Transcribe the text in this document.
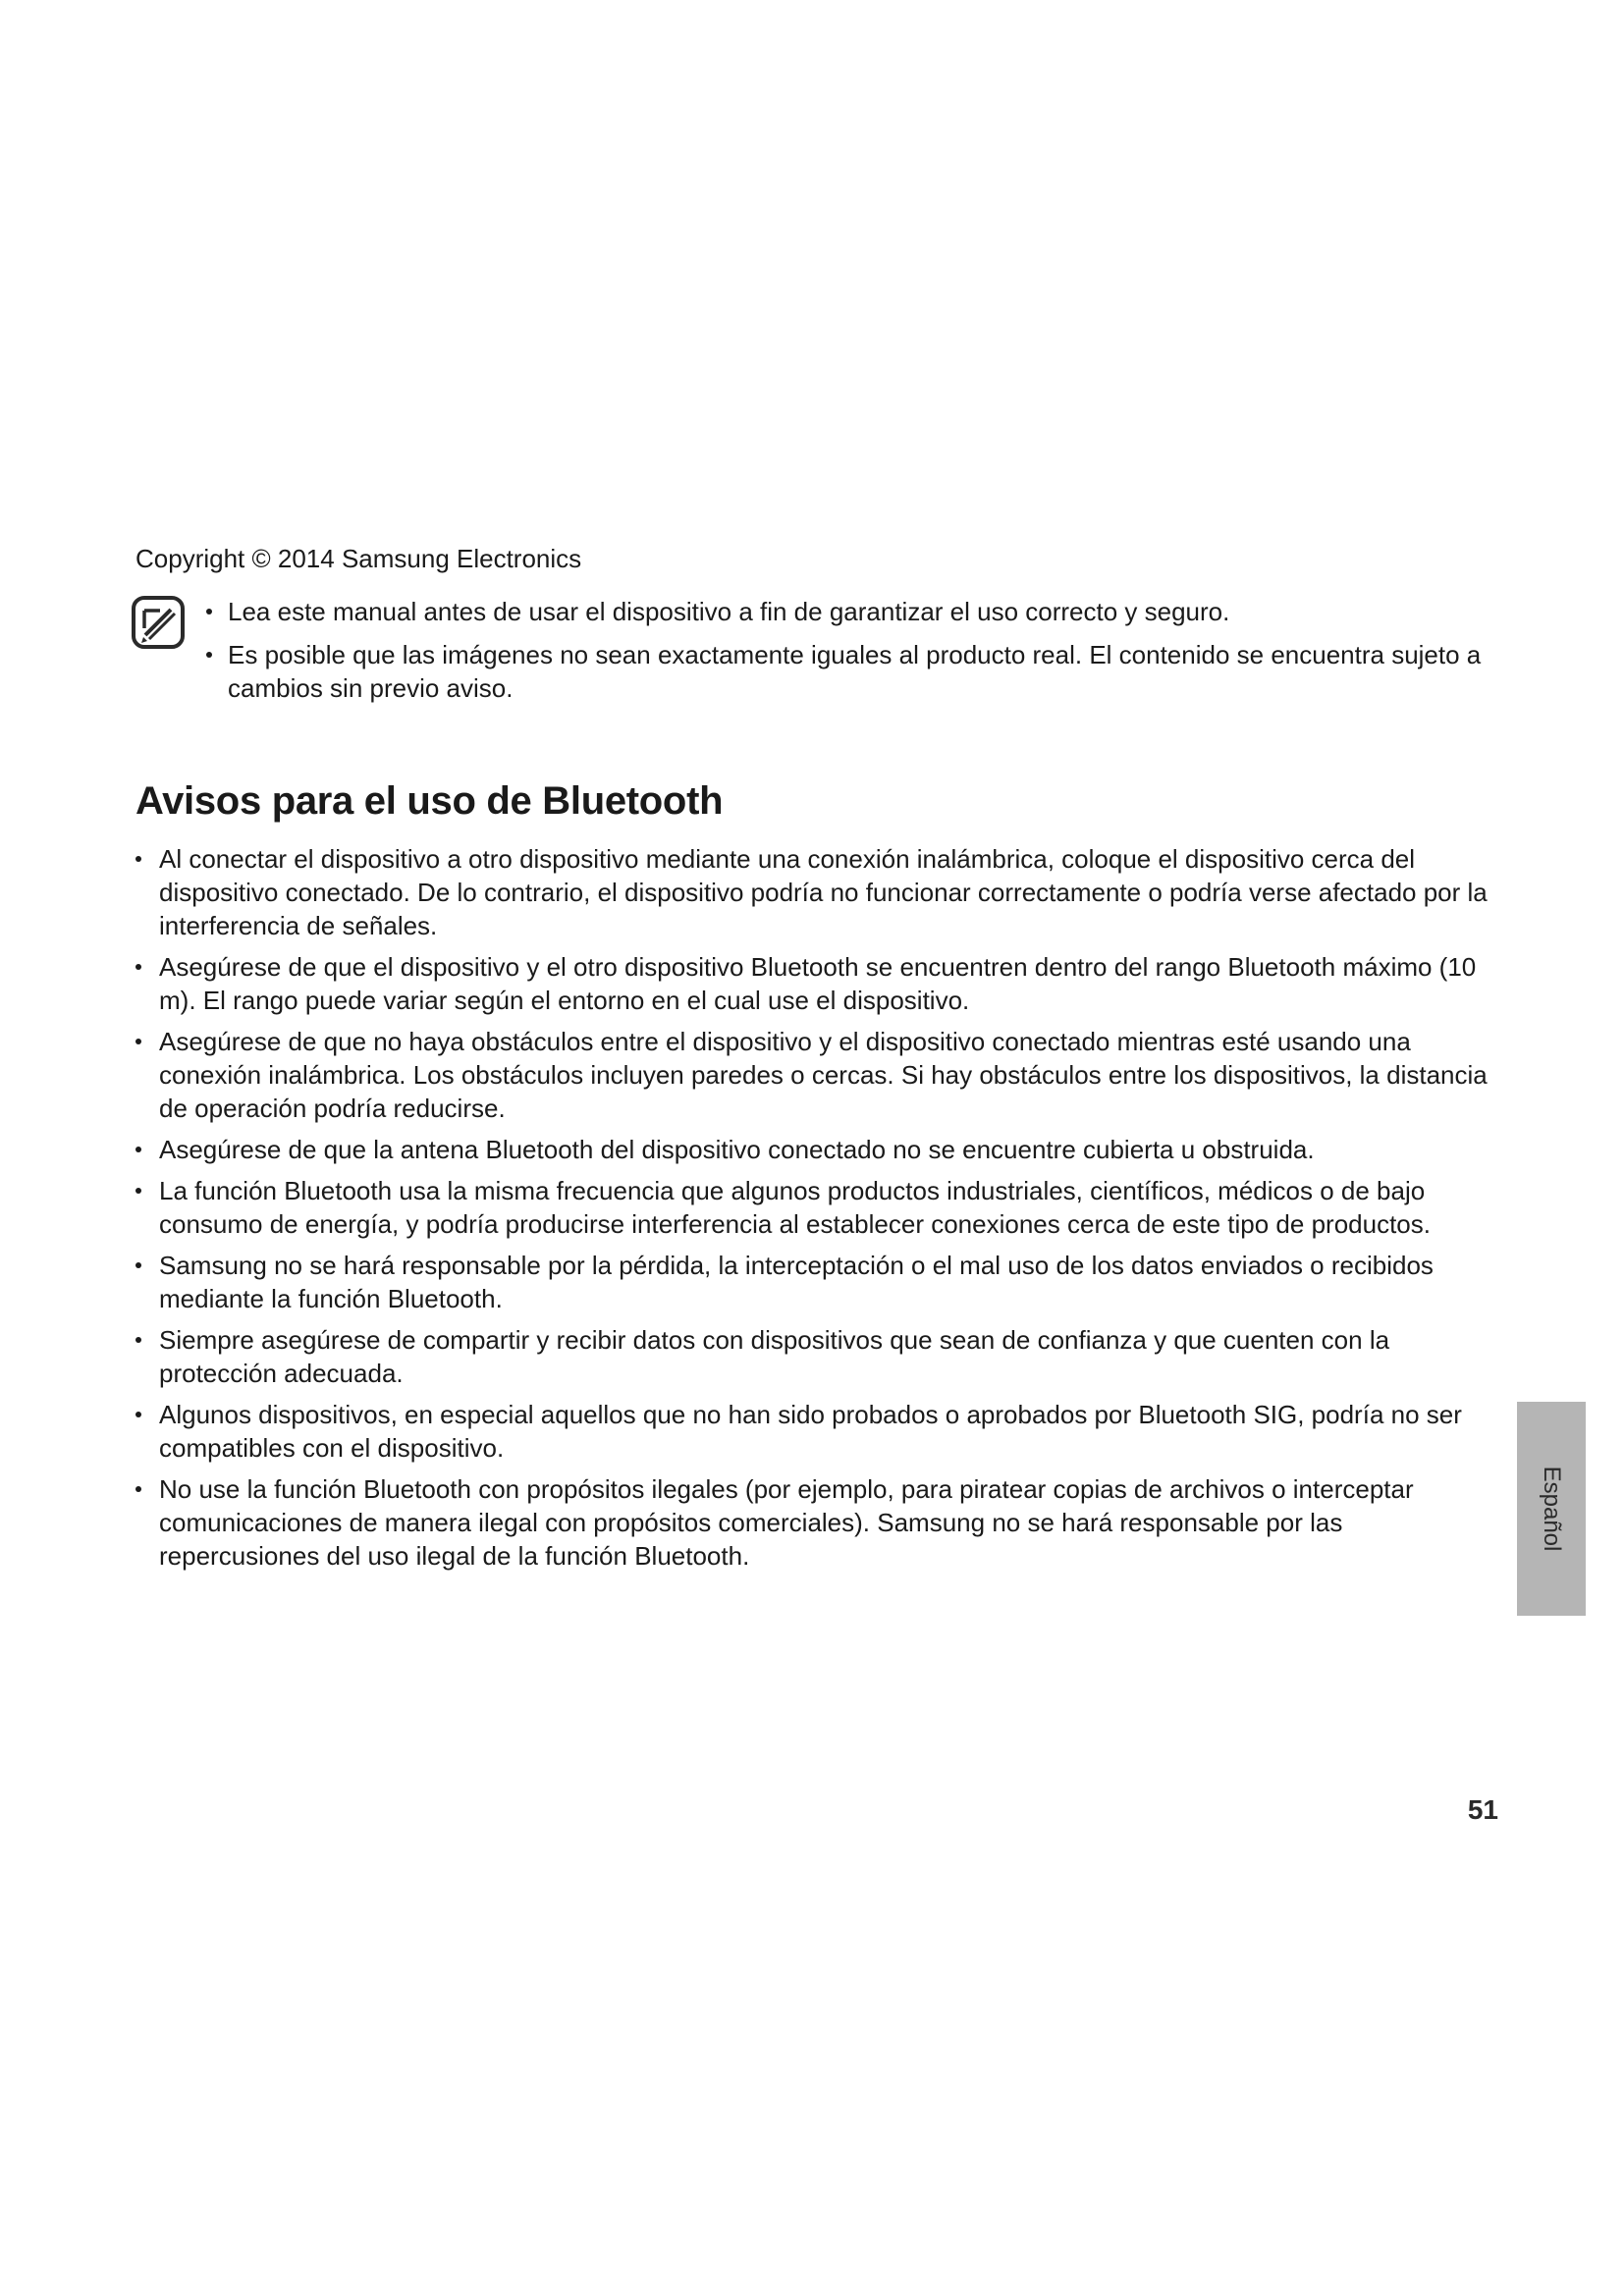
Copyright © 2014 Samsung Electronics
Lea este manual antes de usar el dispositivo a fin de garantizar el uso correcto y seguro.
Es posible que las imágenes no sean exactamente iguales al producto real. El contenido se encuentra sujeto a cambios sin previo aviso.
Avisos para el uso de Bluetooth
Al conectar el dispositivo a otro dispositivo mediante una conexión inalámbrica, coloque el dispositivo cerca del dispositivo conectado. De lo contrario, el dispositivo podría no funcionar correctamente o podría verse afectado por la interferencia de señales.
Asegúrese de que el dispositivo y el otro dispositivo Bluetooth se encuentren dentro del rango Bluetooth máximo (10 m). El rango puede variar según el entorno en el cual use el dispositivo.
Asegúrese de que no haya obstáculos entre el dispositivo y el dispositivo conectado mientras esté usando una conexión inalámbrica. Los obstáculos incluyen paredes o cercas. Si hay obstáculos entre los dispositivos, la distancia de operación podría reducirse.
Asegúrese de que la antena Bluetooth del dispositivo conectado no se encuentre cubierta u obstruida.
La función Bluetooth usa la misma frecuencia que algunos productos industriales, científicos, médicos o de bajo consumo de energía, y podría producirse interferencia al establecer conexiones cerca de este tipo de productos.
Samsung no se hará responsable por la pérdida, la interceptación o el mal uso de los datos enviados o recibidos mediante la función Bluetooth.
Siempre asegúrese de compartir y recibir datos con dispositivos que sean de confianza y que cuenten con la protección adecuada.
Algunos dispositivos, en especial aquellos que no han sido probados o aprobados por Bluetooth SIG, podría no ser compatibles con el dispositivo.
No use la función Bluetooth con propósitos ilegales (por ejemplo, para piratear copias de archivos o interceptar comunicaciones de manera ilegal con propósitos comerciales). Samsung no se hará responsable por las repercusiones del uso ilegal de la función Bluetooth.
Español
51
